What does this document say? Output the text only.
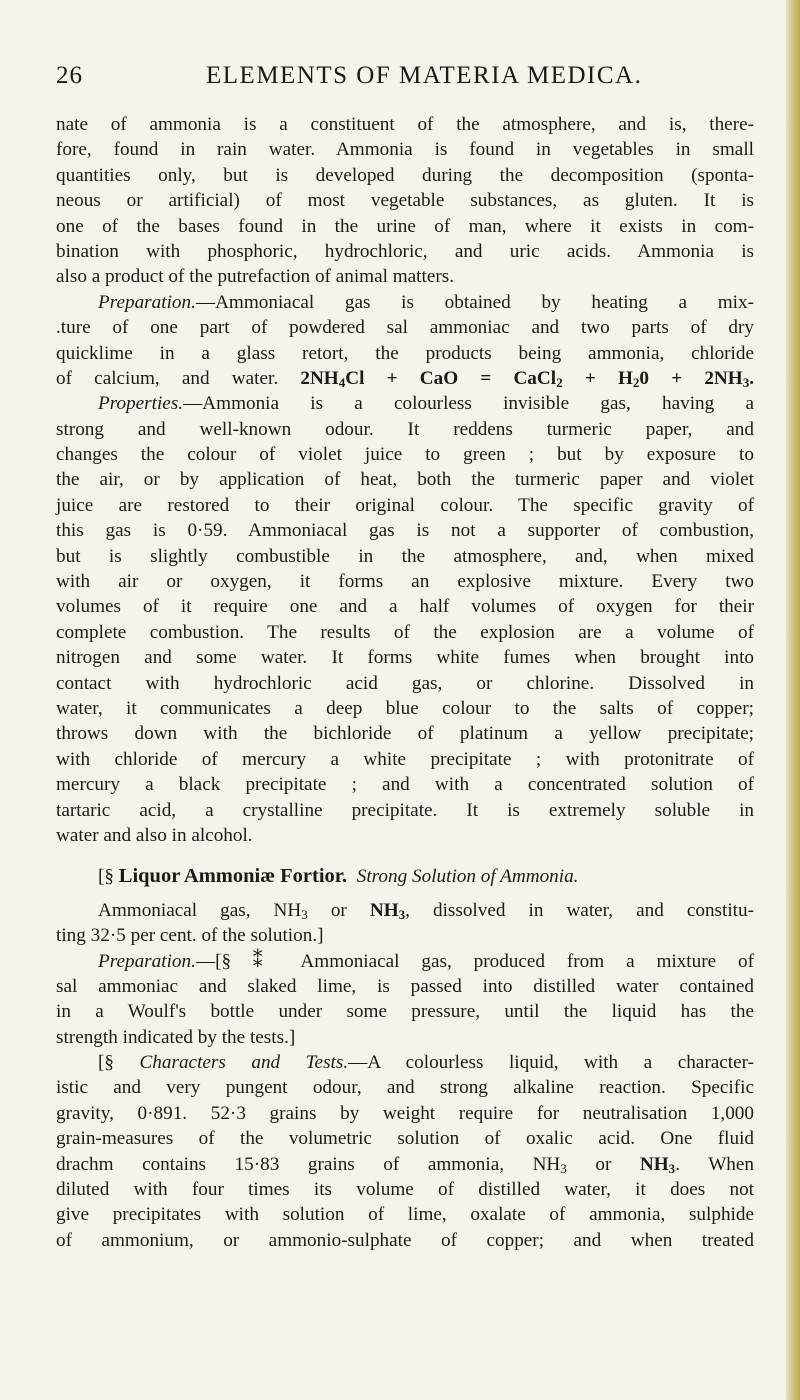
26	ELEMENTS OF MATERIA MEDICA.
nate of ammonia is a constituent of the atmosphere, and is, there-
fore, found in rain water. Ammonia is found in vegetables in small
quantities only, but is developed during the decomposition (sponta-
neous or artificial) of most vegetable substances, as gluten. It is
one of the bases found in the urine of man, where it exists in com-
bination with phosphoric, hydrochloric, and uric acids. Ammonia is
also a product of the putrefaction of animal matters.
Preparation.—Ammoniacal gas is obtained by heating a mix-
.ture of one part of powdered sal ammoniac and two parts of dry
quicklime in a glass retort, the products being ammonia, chloride
of calcium, and water. $2NH_4Cl$ + CaO = CaCl$_2$ + $H_20 + 2NH_3$.
Properties.—Ammonia is a colourless invisible gas, having a
strong and well-known odour. It reddens turmeric paper, and
changes the colour of violet juice to green ; but by exposure to
the air, or by application of heat, both the turmeric paper and violet
juice are restored to their original colour. The specific gravity of
this gas is 0·59. Ammoniacal gas is not a supporter of combustion,
but is slightly combustible in the atmosphere, and, when mixed
with air or oxygen, it forms an explosive mixture. Every two
volumes of it require one and a half volumes of oxygen for their
complete combustion. The results of the explosion are a volume of
nitrogen and some water. It forms white fumes when brought into
contact with hydrochloric acid gas, or chlorine. Dissolved in
water, it communicates a deep blue colour to the salts of copper;
throws down with the bichloride of platinum a yellow precipitate;
with chloride of mercury a white precipitate ; with protonitrate of
mercury a black precipitate ; and with a concentrated solution of
tartaric acid, a crystalline precipitate. It is extremely soluble in
water and also in alcohol.
[§ Liquor Ammoniæ Fortior. Strong Solution of Ammonia.
Ammoniacal gas, $NH_3$ or $NH_3$, dissolved in water, and constitu-
ting 32·5 per cent. of the solution.]
Preparation.—[§ ⁑ Ammoniacal gas, produced from a mixture of
sal ammoniac and slaked lime, is passed into distilled water contained
in a Woulf's bottle under some pressure, until the liquid has the
strength indicated by the tests.]
[§ Characters and Tests.—A colourless liquid, with a character-
istic and very pungent odour, and strong alkaline reaction. Specific
gravity, 0·891. 52·3 grains by weight require for neutralisation 1,000
grain-measures of the volumetric solution of oxalic acid. One fluid
drachm contains 15·83 grains of ammonia, $NH_3$ or $NH_3$. When
diluted with four times its volume of distilled water, it does not
give precipitates with solution of lime, oxalate of ammonia, sulphide
of ammonium, or ammonio-sulphate of copper; and when treated
